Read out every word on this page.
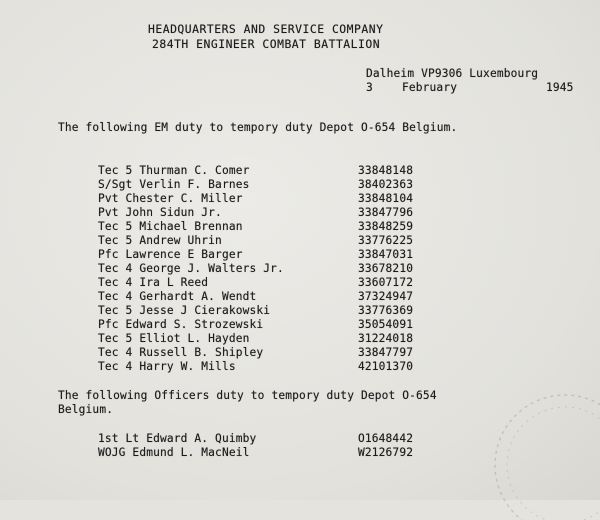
HEADQUARTERS AND SERVICE COMPANY
284TH ENGINEER COMBAT BATTALION
Dalheim VP9306 Luxembourg
3	February	1945
The following EM duty to tempory duty Depot O-654 Belgium.
Tec 5 Thurman C. Comer	33848148
S/Sgt Verlin F. Barnes	38402363
Pvt Chester C. Miller	33848104
Pvt John Sidun Jr.	33847796
Tec 5 Michael Brennan	33848259
Tec 5 Andrew Uhrin	33776225
Pfc Lawrence E Barger	33847031
Tec 4 George J. Walters Jr.	33678210
Tec 4 Ira L Reed	33607172
Tec 4 Gerhardt A. Wendt	37324947
Tec 5 Jesse J Cierakowski	33776369
Pfc Edward S. Strozewski	35054091
Tec 5 Elliot L. Hayden	31224018
Tec 4 Russell B. Shipley	33847797
Tec 4 Harry W. Mills	42101370
The following Officers duty to tempory duty Depot O-654
Belgium.
1st Lt Edward A. Quimby	O1648442
WOJG Edmund L. MacNeil	W2126792
